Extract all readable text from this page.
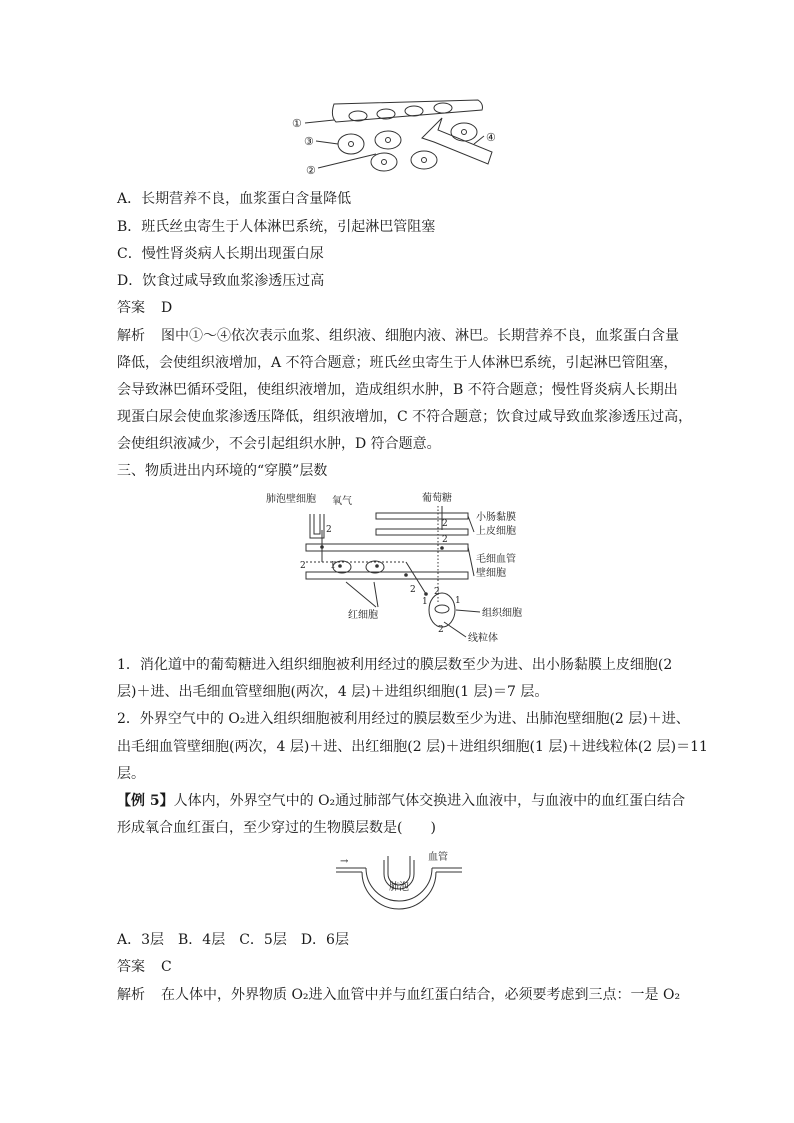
①
③
②
④
A．长期营养不良，血浆蛋白含量降低
B．班氏丝虫寄生于人体淋巴系统，引起淋巴管阻塞
C．慢性肾炎病人长期出现蛋白尿
D．饮食过咸导致血浆渗透压过高
答案 D
解析 图中①～④依次表示血浆、组织液、细胞内液、淋巴。长期营养不良，血浆蛋白含量
降低，会使组织液增加，A 不符合题意；班氏丝虫寄生于人体淋巴系统，引起淋巴管阻塞，
会导致淋巴循环受阻，使组织液增加，造成组织水肿，B 不符合题意；慢性肾炎病人长期出
现蛋白尿会使血浆渗透压降低，组织液增加，C 不符合题意；饮食过咸导致血浆渗透压过高，
会使组织液减少，不会引起组织水肿，D 符合题意。
三、物质进出内环境的“穿膜”层数
肺泡壁细胞 氧气	葡萄糖
小肠黏膜
上皮细胞
毛细血管
壁细胞
红细胞	组织细胞
线粒体
2
2
2
2	1
2
1
2
1
2
1．消化道中的葡萄糖进入组织细胞被利用经过的膜层数至少为进、出小肠黏膜上皮细胞(2
层)＋进、出毛细血管壁细胞(两次，4 层)＋进组织细胞(1 层)＝7 层。
2．外界空气中的 O₂进入组织细胞被利用经过的膜层数至少为进、出肺泡壁细胞(2 层)＋进、
出毛细血管壁细胞(两次，4 层)＋进、出红细胞(2 层)＋进组织细胞(1 层)＋进线粒体(2 层)＝11
层。
【例 5】人体内，外界空气中的 O₂通过肺部气体交换进入血液中，与血液中的血红蛋白结合
形成氧合血红蛋白，至少穿过的生物膜层数是(　　)
→	血管
肺泡
A．3层　B．4层　C．5层　D．6层
答案 C
解析 在人体中，外界物质 O₂进入血管中并与血红蛋白结合，必须要考虑到三点：一是 O₂
